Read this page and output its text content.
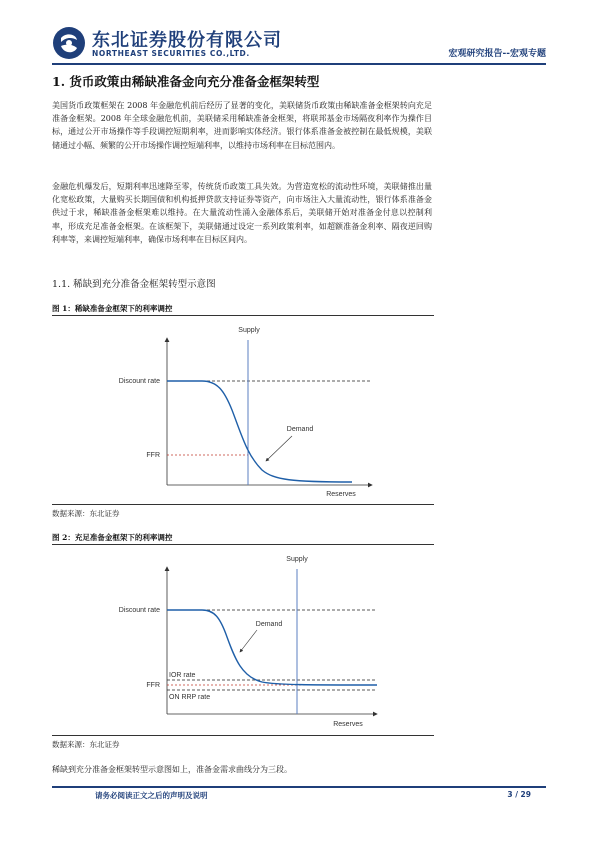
东北证券股份有限公司
NORTHEAST SECURITIES CO.,LTD.	宏观研究报告--宏观专题
1. 货币政策由稀缺准备金向充分准备金框架转型
美国货币政策框架在 2008 年金融危机前后经历了显著的变化，美联储货币政策由稀缺准备金框架转向充足准备金框架。2008 年全球金融危机前，美联储采用稀缺准备金框架，将联邦基金市场隔夜利率作为操作目标，通过公开市场操作等手段调控短期利率，进而影响实体经济。银行体系准备金被控制在最低规模，美联储通过小幅、频繁的公开市场操作调控短端利率，以维持市场利率在目标范围内。
金融危机爆发后，短期利率迅速降至零，传统货币政策工具失效。为营造宽松的流动性环境，美联储推出量化宽松政策，大量购买长期国债和机构抵押贷款支持证券等资产，向市场注入大量流动性，银行体系准备金供过于求，稀缺准备金框架难以维持。在大量流动性涌入金融体系后，美联储开始对准备金付息以控制利率，形成充足准备金框架。在该框架下，美联储通过设定一系列政策利率，如超额准备金利率、隔夜逆回购利率等，来调控短端利率，确保市场利率在目标区间内。
1.1. 稀缺到充分准备金框架转型示意图
图 1：稀缺准备金框架下的利率调控
Discount rate
FFR
Supply
Demand
Reserves
数据来源：东北证券
图 2：充足准备金框架下的利率调控
Discount rate
IOR rate
FFR
ON RRP rate
Supply
Demand
Reserves
数据来源：东北证券
稀缺到充分准备金框架转型示意图如上，准备金需求曲线分为三段。
请务必阅读正文之后的声明及说明	3 / 29
